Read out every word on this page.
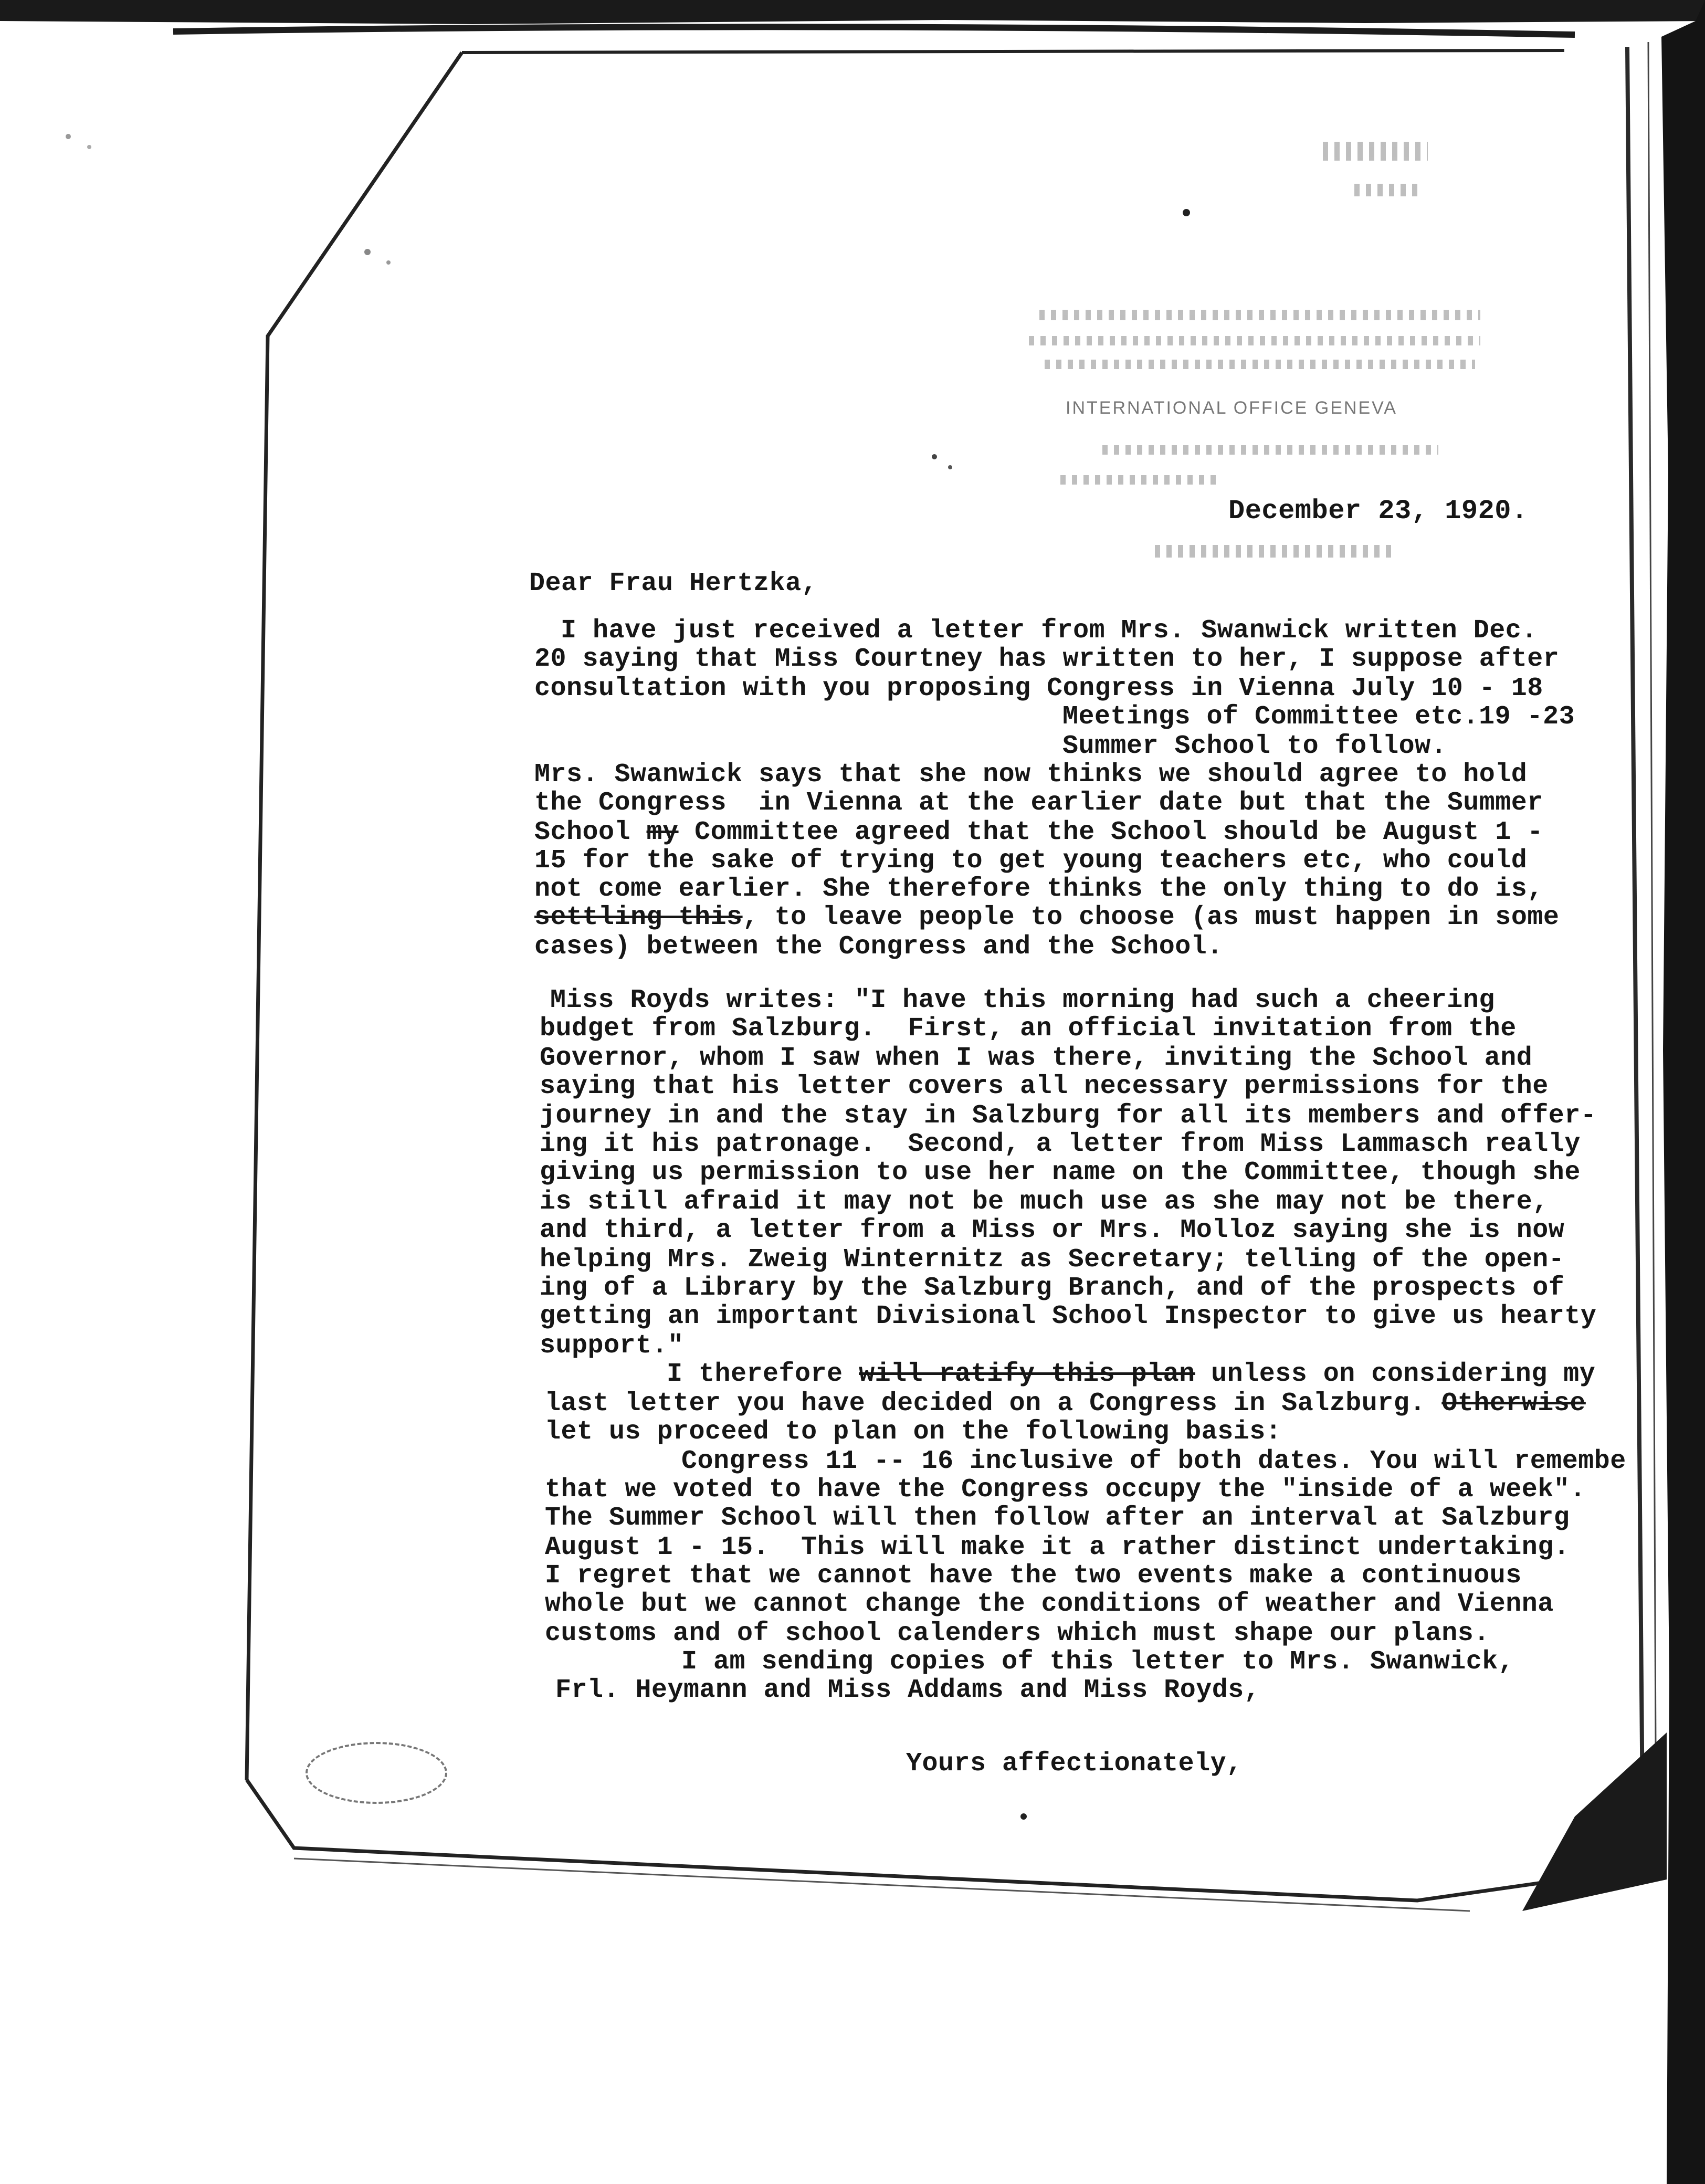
INTERNATIONAL OFFICE GENEVA
December 23, 1920.
Dear Frau Hertzka,
I have just received a letter from Mrs. Swanwick written Dec.
20 saying that Miss Courtney has written to her, I suppose after
consultation with you proposing Congress in Vienna July 10 - 18
Meetings of Committee etc.19 -23
Summer School to follow.
Mrs. Swanwick says that she now thinks we should agree to hold
the Congress  in Vienna at the earlier date but that the Summer
School my Committee agreed that the School should be August 1 -
15 for the sake of trying to get young teachers etc, who could
not come earlier. She therefore thinks the only thing to do is,
settling this, to leave people to choose (as must happen in some
cases) between the Congress and the School.
Miss Royds writes: "I have this morning had such a cheering
budget from Salzburg.  First, an official invitation from the
Governor, whom I saw when I was there, inviting the School and
saying that his letter covers all necessary permissions for the
journey in and the stay in Salzburg for all its members and offer-
ing it his patronage.  Second, a letter from Miss Lammasch really
giving us permission to use her name on the Committee, though she
is still afraid it may not be much use as she may not be there,
and third, a letter from a Miss or Mrs. Molloz saying she is now
helping Mrs. Zweig Winternitz as Secretary; telling of the open-
ing of a Library by the Salzburg Branch, and of the prospects of
getting an important Divisional School Inspector to give us hearty
support."
I therefore will ratify this plan unless on considering my
last letter you have decided on a Congress in Salzburg. Otherwise
let us proceed to plan on the following basis:
Congress 11 -- 16 inclusive of both dates. You will remembe
that we voted to have the Congress occupy the "inside of a week".
The Summer School will then follow after an interval at Salzburg
August 1 - 15.  This will make it a rather distinct undertaking.
I regret that we cannot have the two events make a continuous
whole but we cannot change the conditions of weather and Vienna
customs and of school calenders which must shape our plans.
I am sending copies of this letter to Mrs. Swanwick,
Frl. Heymann and Miss Addams and Miss Royds,
Yours affectionately,
